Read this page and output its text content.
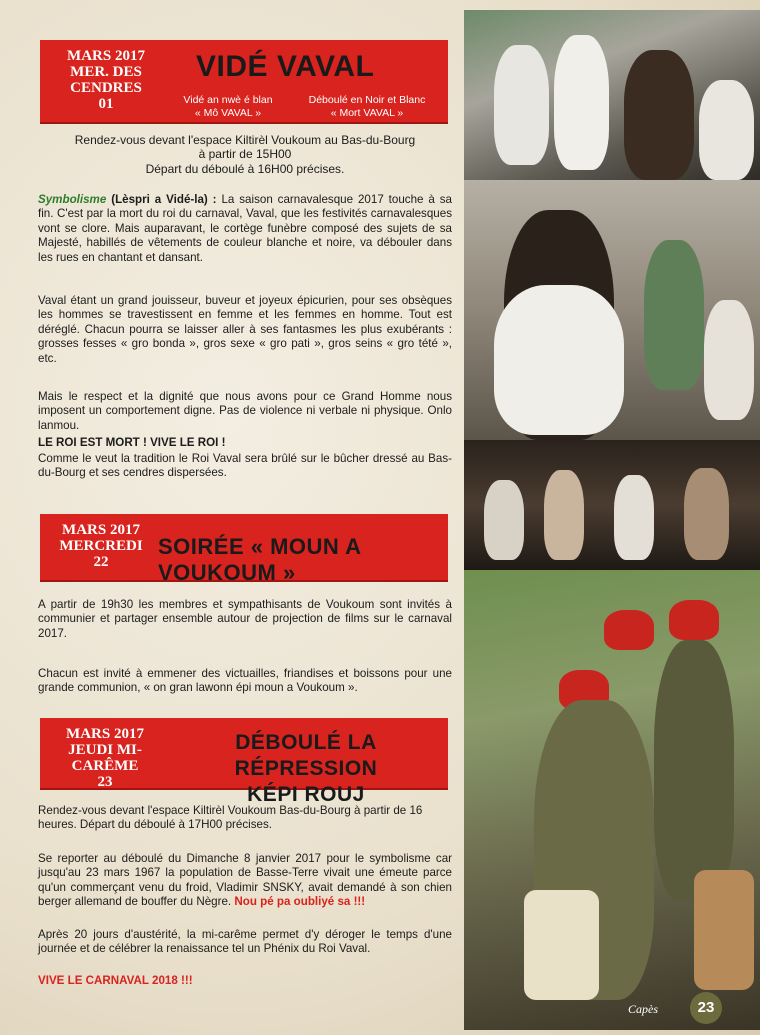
MARS 2017
MER. DES CENDRES
01
VIDÉ VAVAL
Vidé an nwè é blan
« Mô VAVAL »
Déboulé en Noir et Blanc
« Mort VAVAL »
Rendez-vous devant l'espace Kiltirèl Voukoum au Bas-du-Bourg
à partir de 15H00
Départ du déboulé à 16H00 précises.
Symbolisme (Lèspri a Vidé-la) : La saison carnavalesque 2017 touche à sa fin. C'est par la mort du roi du carnaval, Vaval, que les festivités carnavalesques vont se clore. Mais auparavant, le cortège funèbre composé des sujets de sa Majesté, habillés de vêtements de couleur blanche et noire, va débouler dans les rues en chantant et dansant.
Vaval étant un grand jouisseur, buveur et joyeux épicurien, pour ses obsèques les hommes se travestissent en femme et les femmes en homme. Tout est déréglé. Chacun pourra se laisser aller à ses fantasmes les plus exubérants : grosses fesses « gro bonda », gros sexe « gro pati », gros seins « gro tété », etc.
Mais le respect et la dignité que nous avons pour ce Grand Homme nous imposent un comportement digne. Pas de violence ni verbale ni physique. Onlo lanmou.
LE ROI EST MORT ! VIVE LE ROI !
Comme le veut la tradition le Roi Vaval sera brûlé sur le bûcher dressé au Bas-du-Bourg et ses cendres dispersées.
MARS 2017
MERCREDI
22
SOIRÉE « MOUN A VOUKOUM »
A partir de 19h30 les membres et sympathisants de Voukoum sont invités à communier et partager ensemble autour de projection de films sur le carnaval 2017.
Chacun est invité à emmener des victuailles, friandises et boissons pour une grande communion, « on gran lawonn épi moun a Voukoum ».
MARS 2017
JEUDI MI-CARÊME
23
DÉBOULÉ LA RÉPRESSION
KÉPI ROUJ
Rendez-vous devant l'espace Kiltirèl Voukoum Bas-du-Bourg à partir de 16 heures. Départ du déboulé à 17H00 précises.
Se reporter au déboulé du Dimanche 8 janvier 2017 pour le symbolisme car jusqu'au 23 mars 1967 la population de Basse-Terre vivait une émeute parce qu'un commerçant venu du froid, Vladimir SNSKY, avait demandé à son chien berger allemand de bouffer du Nègre. Nou pé pa oubliyé sa !!!
Après 20 jours d'austérité, la mi-carême permet d'y déroger le temps d'une journée et de célébrer la renaissance tel un Phénix du Roi Vaval.
VIVE LE CARNAVAL 2018 !!!
Capès	23
